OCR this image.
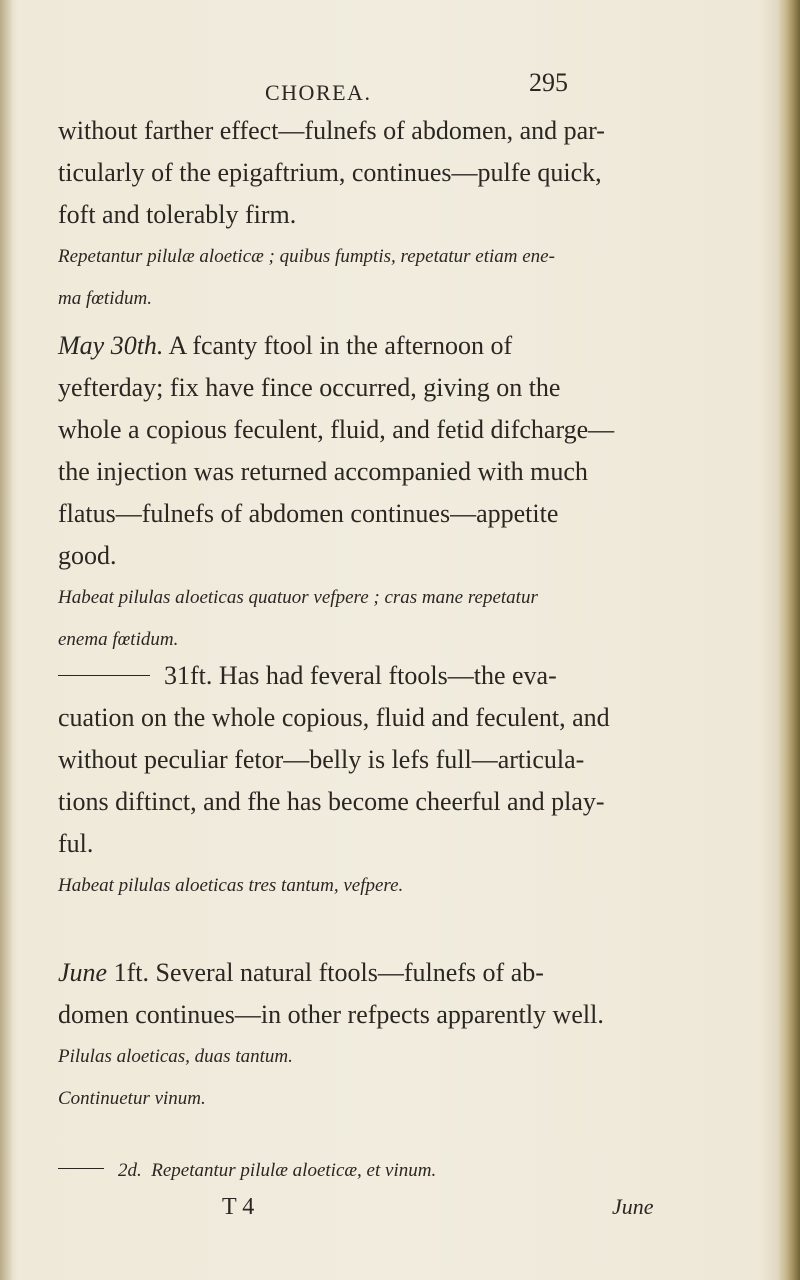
CHOREA.	295

without farther effect—fulnefs of abdomen, and par-

ticularly of the epigaftrium, continues—pulfe quick,

foft and tolerably firm.

Repetantur pilulæ aloeticæ ; quibus fumptis, repetatur etiam ene-

ma fœtidum.

May 30th. A fcanty ftool in the afternoon of

yefterday; fix have fince occurred, giving on the

whole a copious feculent, fluid, and fetid difcharge—

the injection was returned accompanied with much

flatus—fulnefs of abdomen continues—appetite

good.

Habeat pilulas aloeticas quatuor vefpere ; cras mane repetatur

enema fœtidum.

31ft. Has had feveral ftools—the eva-

cuation on the whole copious, fluid and feculent, and

without peculiar fetor—belly is lefs full—articula-

tions diftinct, and fhe has become cheerful and play-

ful.

Habeat pilulas aloeticas tres tantum, vefpere.

June 1ft. Several natural ftools—fulnefs of ab-

domen continues—in other refpects apparently well.

Pilulas aloeticas, duas tantum.

Continuetur vinum.

2d. Repetantur pilulæ aloeticæ, et vinum.

T 4	June
